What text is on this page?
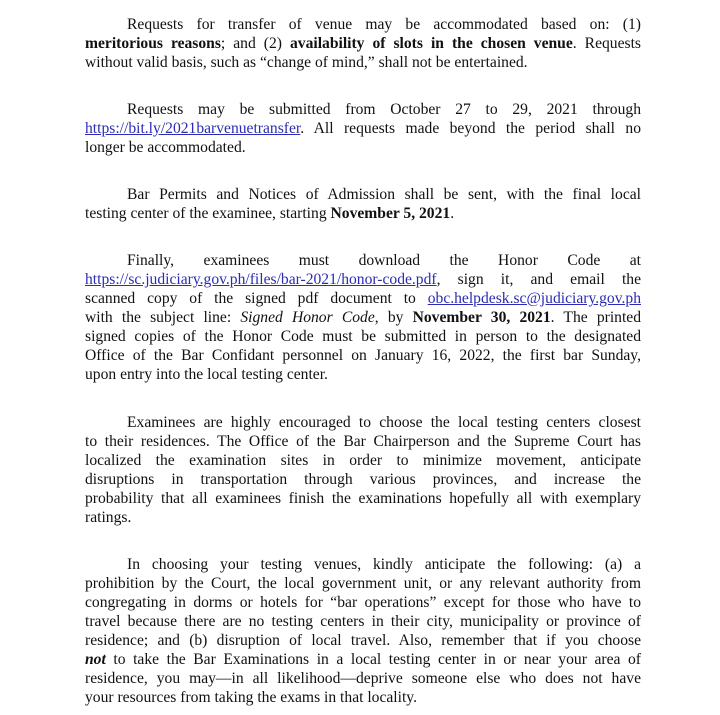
Requests for transfer of venue may be accommodated based on: (1)
meritorious reasons; and (2) availability of slots in the chosen venue. Requests
without valid basis, such as “change of mind,” shall not be entertained.
Requests may be submitted from October 27 to 29, 2021 through
https://bit.ly/2021barvenuetransfer. All requests made beyond the period shall no
longer be accommodated.
Bar Permits and Notices of Admission shall be sent, with the final local
testing center of the examinee, starting November 5, 2021.
Finally, examinees must download the Honor Code at
https://sc.judiciary.gov.ph/files/bar-2021/honor-code.pdf, sign it, and email the
scanned copy of the signed pdf document to obc.helpdesk.sc@judiciary.gov.ph
with the subject line: Signed Honor Code, by November 30, 2021. The printed
signed copies of the Honor Code must be submitted in person to the designated
Office of the Bar Confidant personnel on January 16, 2022, the first bar Sunday,
upon entry into the local testing center.
Examinees are highly encouraged to choose the local testing centers closest
to their residences. The Office of the Bar Chairperson and the Supreme Court has
localized the examination sites in order to minimize movement, anticipate
disruptions in transportation through various provinces, and increase the
probability that all examinees finish the examinations hopefully all with exemplary
ratings.
In choosing your testing venues, kindly anticipate the following: (a) a
prohibition by the Court, the local government unit, or any relevant authority from
congregating in dorms or hotels for “bar operations” except for those who have to
travel because there are no testing centers in their city, municipality or province of
residence; and (b) disruption of local travel. Also, remember that if you choose
not to take the Bar Examinations in a local testing center in or near your area of
residence, you may—in all likelihood—deprive someone else who does not have
your resources from taking the exams in that locality.
